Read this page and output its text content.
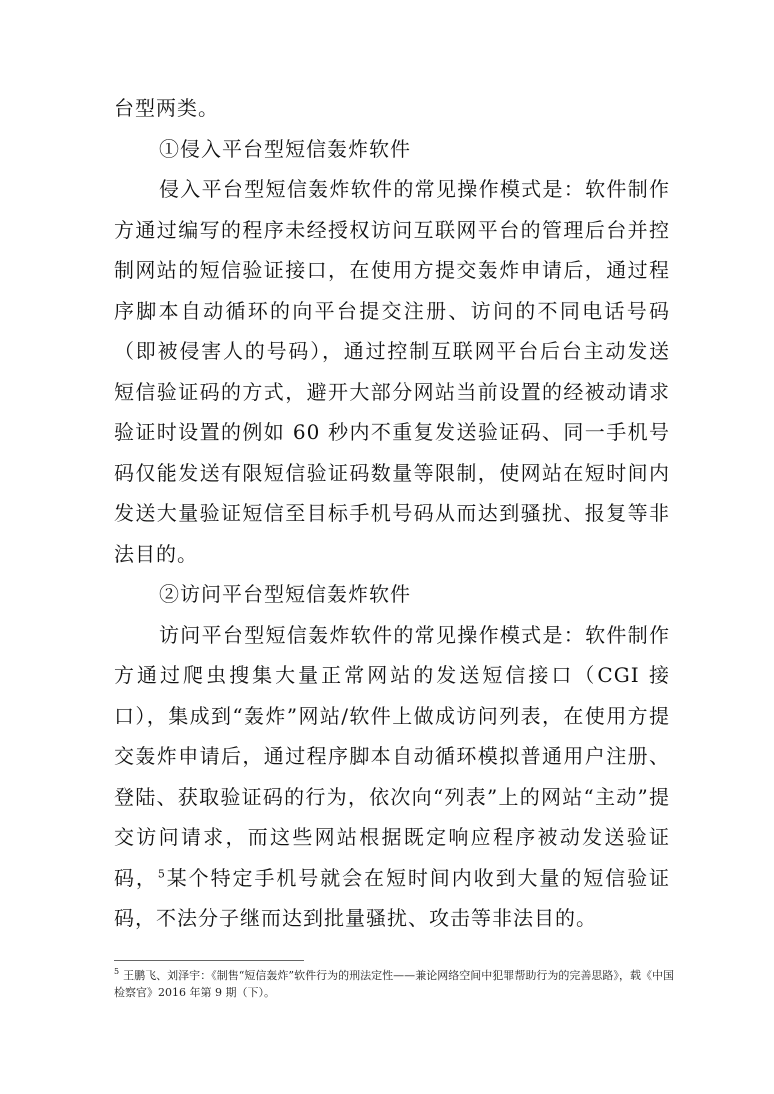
台型两类。

①侵入平台型短信轰炸软件

侵入平台型短信轰炸软件的常见操作模式是：软件制作方通过编写的程序未经授权访问互联网平台的管理后台并控制网站的短信验证接口，在使用方提交轰炸申请后，通过程序脚本自动循环的向平台提交注册、访问的不同电话号码（即被侵害人的号码），通过控制互联网平台后台主动发送短信验证码的方式，避开大部分网站当前设置的经被动请求验证时设置的例如 60 秒内不重复发送验证码、同一手机号码仅能发送有限短信验证码数量等限制，使网站在短时间内发送大量验证短信至目标手机号码从而达到骚扰、报复等非法目的。

②访问平台型短信轰炸软件

访问平台型短信轰炸软件的常见操作模式是：软件制作方通过爬虫搜集大量正常网站的发送短信接口（CGI 接口），集成到“轰炸”网站/软件上做成访问列表，在使用方提交轰炸申请后，通过程序脚本自动循环模拟普通用户注册、登陆、获取验证码的行为，依次向“列表”上的网站“主动”提交访问请求，而这些网站根据既定响应程序被动发送验证码，$^5$某个特定手机号就会在短时间内收到大量的短信验证码，不法分子继而达到批量骚扰、攻击等非法目的。

$^5$ 王鹏飞、刘泽宇：《制售“短信轰炸”软件行为的刑法定性——兼论网络空间中犯罪帮助行为的完善思路》，载《中国检察官》2016 年第 9 期（下）。
